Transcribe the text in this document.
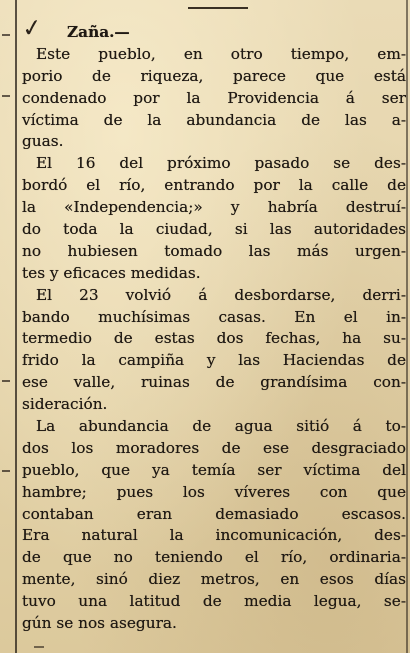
✓	Zaña.—
Este pueblo, en otro tiempo, em-
porio de riqueza, parece que está
condenado por la Providencia á ser
víctima de la abundancia de las a-
guas.
El 16 del próximo pasado se des-
bordó el río, entrando por la calle de
la «Independencia;» y habría destruí-
do toda la ciudad, si las autoridades
no hubiesen tomado las más urgen-
tes y eficaces medidas.
El 23 volvió á desbordarse, derri-
bando muchísimas casas. En el in-
termedio de estas dos fechas, ha su-
frido la campiña y las Haciendas de
ese valle, ruinas de grandísima con-
sideración.
La abundancia de agua sitió á to-
dos los moradores de ese desgraciado
pueblo, que ya temía ser víctima del
hambre; pues los víveres con que
contaban eran demasiado escasos.
Era natural la incomunicación, des-
de que no teniendo el río, ordinaria-
mente, sinó diez metros, en esos días
tuvo una latitud de media legua, se-
gún se nos asegura.
